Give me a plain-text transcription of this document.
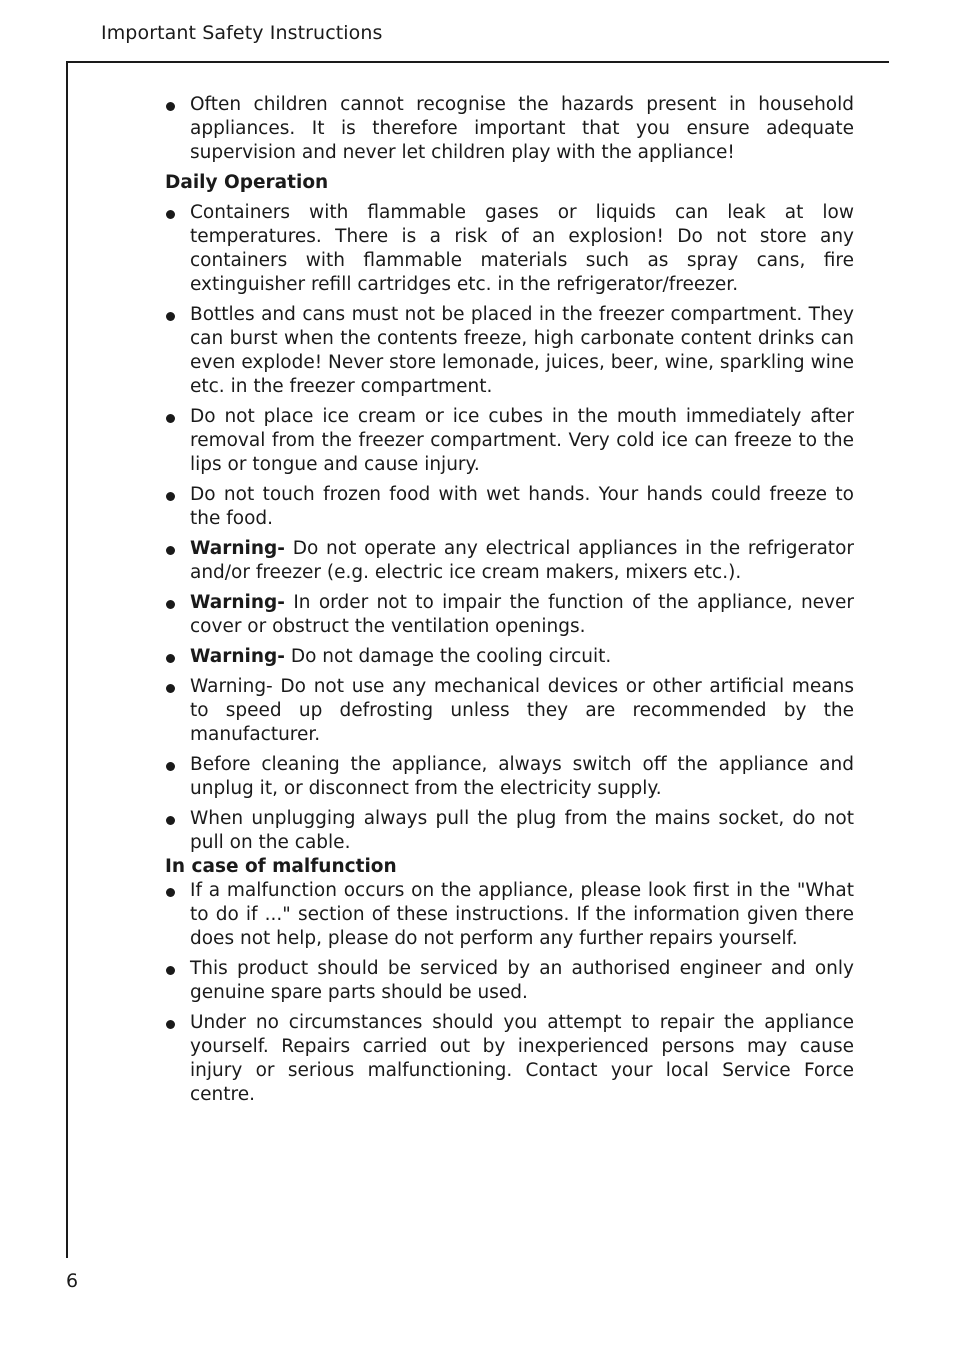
Important Safety Instructions
Often children cannot recognise the hazards present in household appliances. It is therefore important that you ensure adequate supervision and never let children play with the appliance!
Daily Operation
Containers with flammable gases or liquids can leak at low temperatures. There is a risk of an explosion! Do not store any containers with flammable materials such as spray cans, fire extinguisher refill cartridges etc. in the refrigerator/freezer.
Bottles and cans must not be placed in the freezer compartment. They can burst when the contents freeze, high carbonate content drinks can even explode! Never store lemonade, juices, beer, wine, sparkling wine etc. in the freezer compartment.
Do not place ice cream or ice cubes in the mouth immediately after removal from the freezer compartment. Very cold ice can freeze to the lips or tongue and cause injury.
Do not touch frozen food with wet hands. Your hands could freeze to the food.
Warning- Do not operate any electrical appliances in the refrigerator and/or freezer (e.g. electric ice cream makers, mixers etc.).
Warning- In order not to impair the function of the appliance, never cover or obstruct the ventilation openings.
Warning- Do not damage the cooling circuit.
Warning- Do not use any mechanical devices or other artificial means to speed up defrosting unless they are recommended by the manufacturer.
Before cleaning the appliance, always switch off the appliance and unplug it, or disconnect from the electricity supply.
When unplugging always pull the plug from the mains socket, do not pull on the cable.
In case of malfunction
If a malfunction occurs on the appliance, please look first in the "What to do if ..." section of these instructions. If the information given there does not help, please do not perform any further repairs yourself.
This product should be serviced by an authorised engineer and only genuine spare parts should be used.
Under no circumstances should you attempt to repair the appliance yourself. Repairs carried out by inexperienced persons may cause injury or serious malfunctioning. Contact your local Service Force centre.
6
